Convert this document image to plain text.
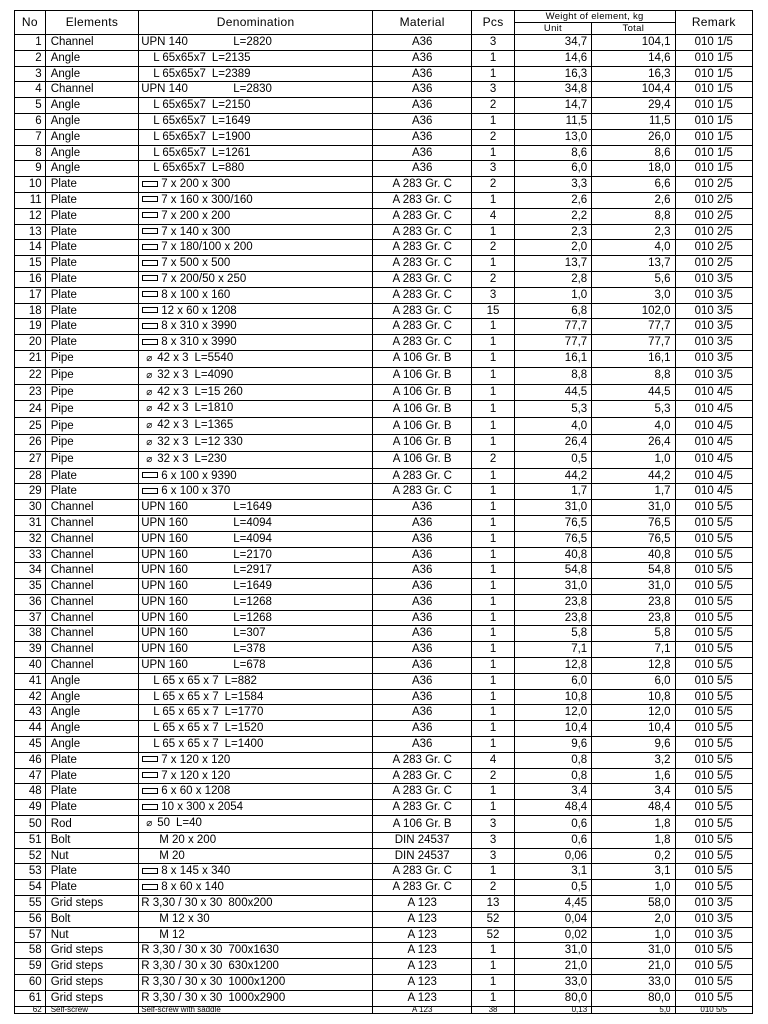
No	Elements	Denomination	Material	Pcs	Weight of element, kg		Remark
					Unit	Total	
1	Channel	UPN 140 L=2820	A36	3	34,7	104,1	010 1/5
2	Angle	L 65x65x7 L=2135	A36	1	14,6	14,6	010 1/5
3	Angle	L 65x65x7 L=2389	A36	1	16,3	16,3	010 1/5
4	Channel	UPN 140 L=2830	A36	3	34,8	104,4	010 1/5
5	Angle	L 65x65x7 L=2150	A36	2	14,7	29,4	010 1/5
6	Angle	L 65x65x7 L=1649	A36	1	11,5	11,5	010 1/5
7	Angle	L 65x65x7 L=1900	A36	2	13,0	26,0	010 1/5
8	Angle	L 65x65x7 L=1261	A36	1	8,6	8,6	010 1/5
9	Angle	L 65x65x7 L=880	A36	3	6,0	18,0	010 1/5
10	Plate	7 x 200 x 300	A 283 Gr. C	2	3,3	6,6	010 2/5
11	Plate	7 x 160 x 300/160	A 283 Gr. C	1	2,6	2,6	010 2/5
12	Plate	7 x 200 x 200	A 283 Gr. C	4	2,2	8,8	010 2/5
13	Plate	7 x 140 x 300	A 283 Gr. C	1	2,3	2,3	010 2/5
14	Plate	7 x 180/100 x 200	A 283 Gr. C	2	2,0	4,0	010 2/5
15	Plate	7 x 500 x 500	A 283 Gr. C	1	13,7	13,7	010 2/5
16	Plate	7 x 200/50 x 250	A 283 Gr. C	2	2,8	5,6	010 3/5
17	Plate	8 x 100 x 160	A 283 Gr. C	3	1,0	3,0	010 3/5
18	Plate	12 x 60 x 1208	A 283 Gr. C	15	6,8	102,0	010 3/5
19	Plate	8 x 310 x 3990	A 283 Gr. C	1	77,7	77,7	010 3/5
20	Plate	8 x 310 x 3990	A 283 Gr. C	1	77,7	77,7	010 3/5
21	Pipe	⌀ 42 x 3 L=5540	A 106 Gr. B	1	16,1	16,1	010 3/5
22	Pipe	⌀ 32 x 3 L=4090	A 106 Gr. B	1	8,8	8,8	010 3/5
23	Pipe	⌀ 42 x 3 L=15 260	A 106 Gr. B	1	44,5	44,5	010 4/5
24	Pipe	⌀ 42 x 3 L=1810	A 106 Gr. B	1	5,3	5,3	010 4/5
25	Pipe	⌀ 42 x 3 L=1365	A 106 Gr. B	1	4,0	4,0	010 4/5
26	Pipe	⌀ 32 x 3 L=12 330	A 106 Gr. B	1	26,4	26,4	010 4/5
27	Pipe	⌀ 32 x 3 L=230	A 106 Gr. B	2	0,5	1,0	010 4/5
28	Plate	6 x 100 x 9390	A 283 Gr. C	1	44,2	44,2	010 4/5
29	Plate	6 x 100 x 370	A 283 Gr. C	1	1,7	1,7	010 4/5
30	Channel	UPN 160 L=1649	A36	1	31,0	31,0	010 5/5
31	Channel	UPN 160 L=4094	A36	1	76,5	76,5	010 5/5
32	Channel	UPN 160 L=4094	A36	1	76,5	76,5	010 5/5
33	Channel	UPN 160 L=2170	A36	1	40,8	40,8	010 5/5
34	Channel	UPN 160 L=2917	A36	1	54,8	54,8	010 5/5
35	Channel	UPN 160 L=1649	A36	1	31,0	31,0	010 5/5
36	Channel	UPN 160 L=1268	A36	1	23,8	23,8	010 5/5
37	Channel	UPN 160 L=1268	A36	1	23,8	23,8	010 5/5
38	Channel	UPN 160 L=307	A36	1	5,8	5,8	010 5/5
39	Channel	UPN 160 L=378	A36	1	7,1	7,1	010 5/5
40	Channel	UPN 160 L=678	A36	1	12,8	12,8	010 5/5
41	Angle	L 65 x 65 x 7 L=882	A36	1	6,0	6,0	010 5/5
42	Angle	L 65 x 65 x 7 L=1584	A36	1	10,8	10,8	010 5/5
43	Angle	L 65 x 65 x 7 L=1770	A36	1	12,0	12,0	010 5/5
44	Angle	L 65 x 65 x 7 L=1520	A36	1	10,4	10,4	010 5/5
45	Angle	L 65 x 65 x 7 L=1400	A36	1	9,6	9,6	010 5/5
46	Plate	7 x 120 x 120	A 283 Gr. C	4	0,8	3,2	010 5/5
47	Plate	7 x 120 x 120	A 283 Gr. C	2	0,8	1,6	010 5/5
48	Plate	6 x 60 x 1208	A 283 Gr. C	1	3,4	3,4	010 5/5
49	Plate	10 x 300 x 2054	A 283 Gr. C	1	48,4	48,4	010 5/5
50	Rod	⌀ 50 L=40	A 106 Gr. B	3	0,6	1,8	010 5/5
51	Bolt	M 20 x 200	DIN 24537	3	0,6	1,8	010 5/5
52	Nut	M 20	DIN 24537	3	0,06	0,2	010 5/5
53	Plate	8 x 145 x 340	A 283 Gr. C	1	3,1	3,1	010 5/5
54	Plate	8 x 60 x 140	A 283 Gr. C	2	0,5	1,0	010 5/5
55	Grid steps	R 3,30 / 30 x 30 800x200	A 123	13	4,45	58,0	010 3/5
56	Bolt	M 12 x 30	A 123	52	0,04	2,0	010 3/5
57	Nut	M 12	A 123	52	0,02	1,0	010 3/5
58	Grid steps	R 3,30 / 30 x 30 700x1630	A 123	1	31,0	31,0	010 5/5
59	Grid steps	R 3,30 / 30 x 30 630x1200	A 123	1	21,0	21,0	010 5/5
60	Grid steps	R 3,30 / 30 x 30 1000x1200	A 123	1	33,0	33,0	010 5/5
61	Grid steps	R 3,30 / 30 x 30 1000x2900	A 123	1	80,0	80,0	010 5/5
62	Self-screw	Self-screw with saddle	A 123	38	0,13	5,0	010 5/5
